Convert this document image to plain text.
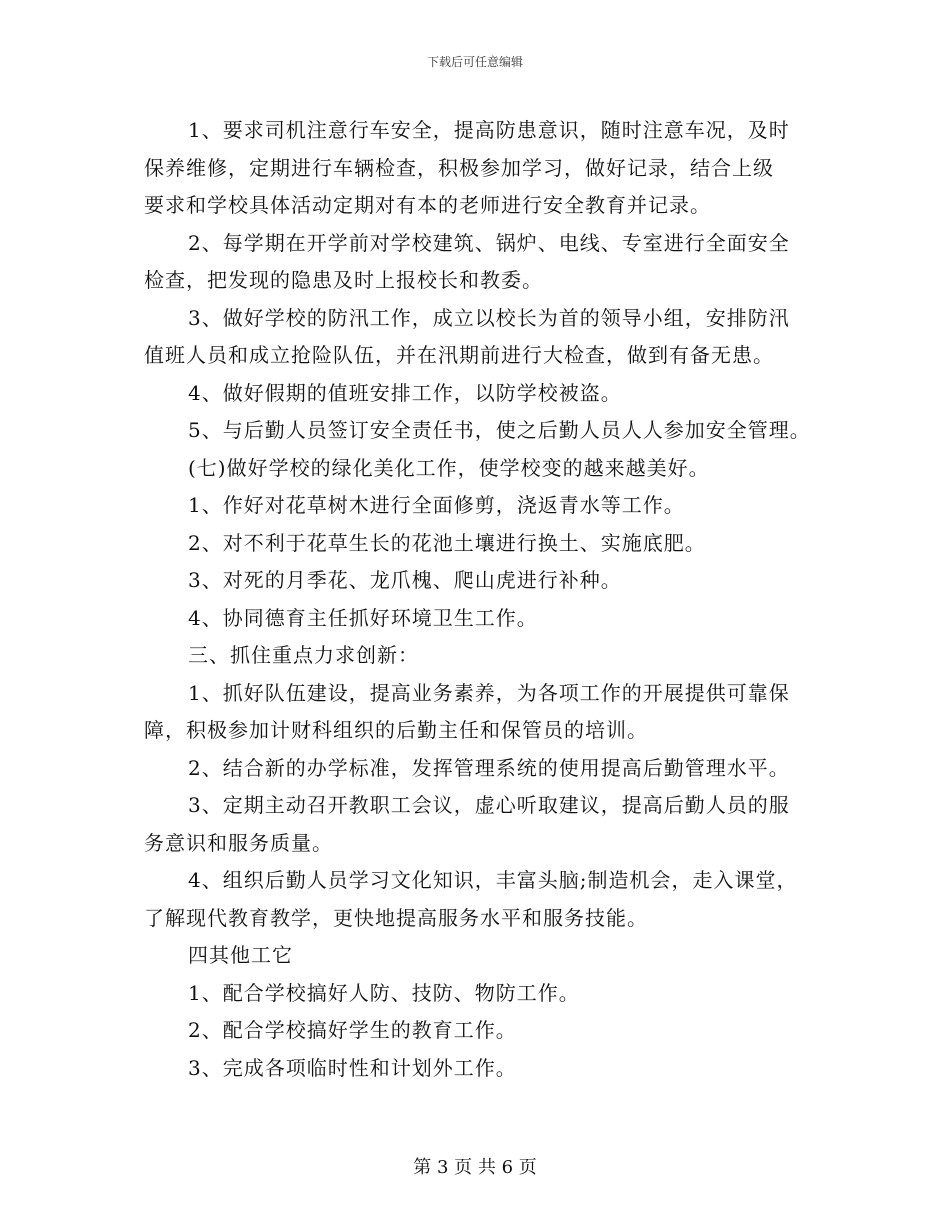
下载后可任意编辑

1、要求司机注意行车安全，提高防患意识，随时注意车况，及时

保养维修，定期进行车辆检查，积极参加学习，做好记录，结合上级

要求和学校具体活动定期对有本的老师进行安全教育并记录。

2、每学期在开学前对学校建筑、锅炉、电线、专室进行全面安全

检查，把发现的隐患及时上报校长和教委。

3、做好学校的防汛工作，成立以校长为首的领导小组，安排防汛

值班人员和成立抢险队伍，并在汛期前进行大检查，做到有备无患。

4、做好假期的值班安排工作，以防学校被盗。

5、与后勤人员签订安全责任书，使之后勤人员人人参加安全管理。

(七)做好学校的绿化美化工作，使学校变的越来越美好。

1、作好对花草树木进行全面修剪，浇返青水等工作。

2、对不利于花草生长的花池土壤进行换土、实施底肥。

3、对死的月季花、龙爪槐、爬山虎进行补种。

4、协同德育主任抓好环境卫生工作。

三、抓住重点力求创新：

1、抓好队伍建设，提高业务素养，为各项工作的开展提供可靠保

障，积极参加计财科组织的后勤主任和保管员的培训。

2、结合新的办学标准，发挥管理系统的使用提高后勤管理水平。

3、定期主动召开教职工会议，虚心听取建议，提高后勤人员的服

务意识和服务质量。

4、组织后勤人员学习文化知识，丰富头脑;制造机会，走入课堂，

了解现代教育教学，更快地提高服务水平和服务技能。

四其他工它

1、配合学校搞好人防、技防、物防工作。

2、配合学校搞好学生的教育工作。

3、完成各项临时性和计划外工作。

第 3 页 共 6 页
